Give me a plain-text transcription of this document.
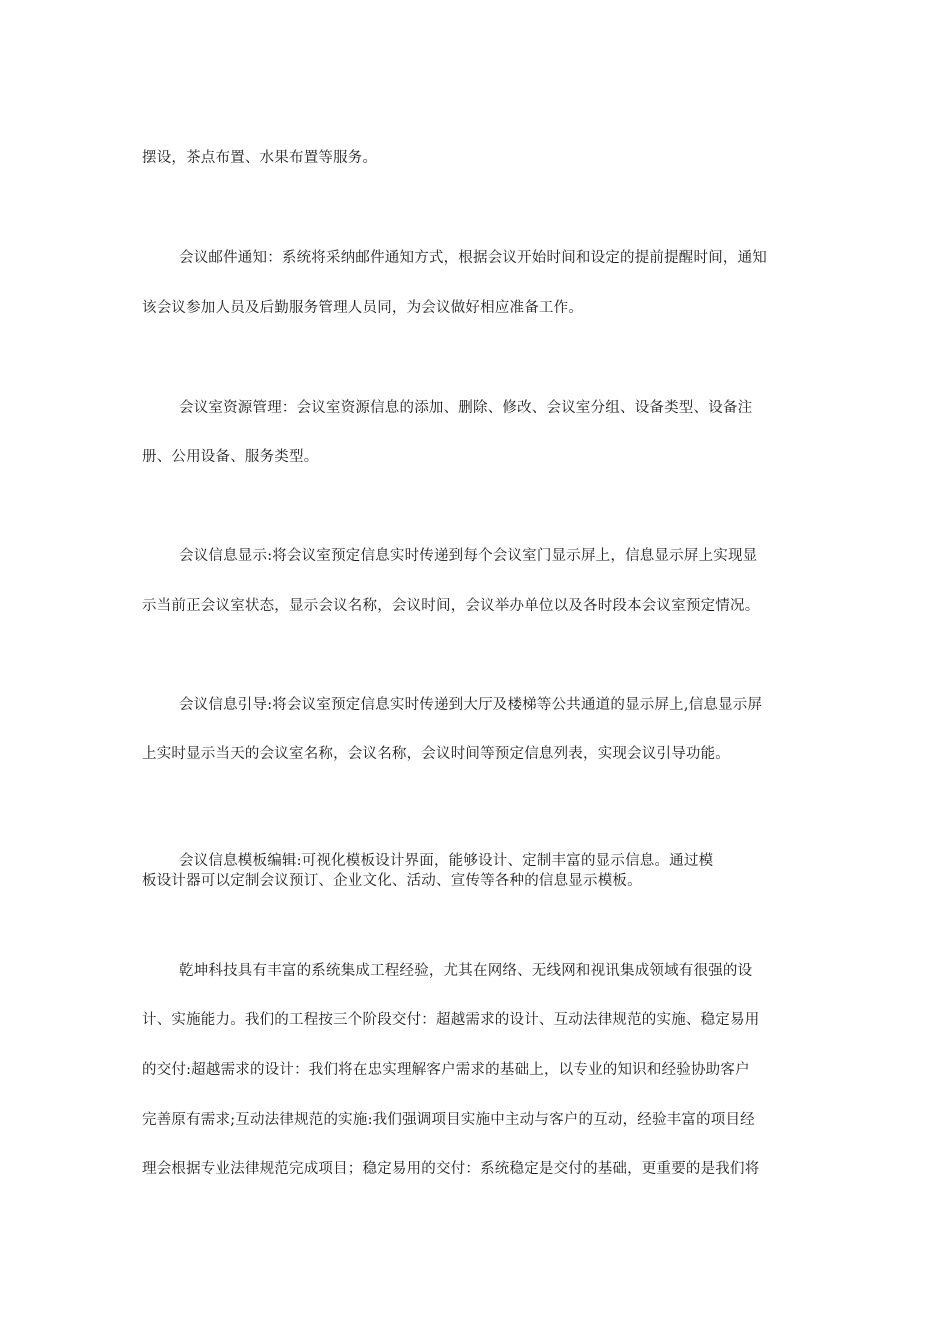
摆设，茶点布置、水果布置等服务。
会议邮件通知：系统将采纳邮件通知方式，根据会议开始时间和设定的提前提醒时间，通知
该会议参加人员及后勤服务管理人员同，为会议做好相应准备工作。
会议室资源管理：会议室资源信息的添加、删除、修改、会议室分组、设备类型、设备注
册、公用设备、服务类型。
会议信息显示:将会议室预定信息实时传递到每个会议室门显示屏上，信息显示屏上实现显
示当前正会议室状态，显示会议名称，会议时间，会议举办单位以及各时段本会议室预定情况。
会议信息引导:将会议室预定信息实时传递到大厅及楼梯等公共通道的显示屏上,信息显示屏
上实时显示当天的会议室名称，会议名称，会议时间等预定信息列表，实现会议引导功能。
会议信息模板编辑:可视化模板设计界面，能够设计、定制丰富的显示信息。通过模
板设计器可以定制会议预订、企业文化、活动、宣传等各种的信息显示模板。
乾坤科技具有丰富的系统集成工程经验，尤其在网络、无线网和视讯集成领域有很强的设
计、实施能力。我们的工程按三个阶段交付：超越需求的设计、互动法律规范的实施、稳定易用
的交付:超越需求的设计：我们将在忠实理解客户需求的基础上，以专业的知识和经验协助客户
完善原有需求;互动法律规范的实施:我们强调项目实施中主动与客户的互动，经验丰富的项目经
理会根据专业法律规范完成项目；稳定易用的交付：系统稳定是交付的基础，更重要的是我们将
